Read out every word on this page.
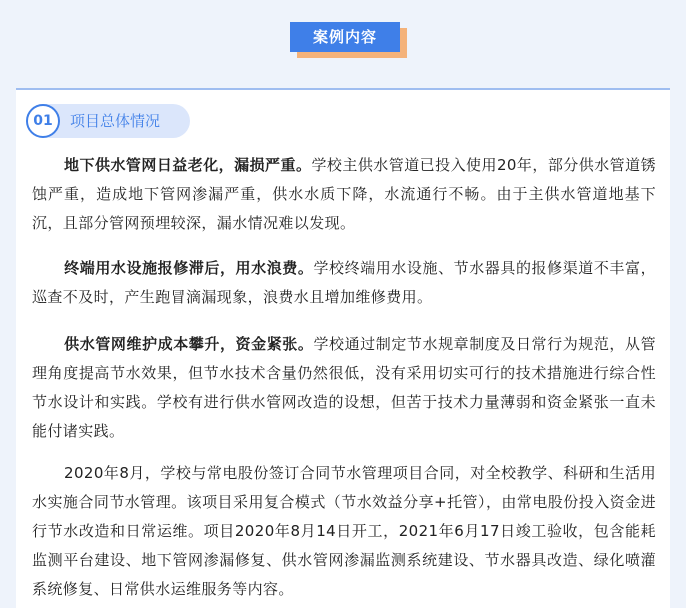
案例内容
01	项目总体情况
地下供水管网日益老化，漏损严重。学校主供水管道已投入使用20年，部分供水管道锈蚀严重，造成地下管网渗漏严重，供水水质下降，水流通行不畅。由于主供水管道地基下沉，且部分管网预埋较深，漏水情况难以发现。
终端用水设施报修滞后，用水浪费。学校终端用水设施、节水器具的报修渠道不丰富，巡查不及时，产生跑冒滴漏现象，浪费水且增加维修费用。
供水管网维护成本攀升，资金紧张。学校通过制定节水规章制度及日常行为规范，从管理角度提高节水效果，但节水技术含量仍然很低，没有采用切实可行的技术措施进行综合性节水设计和实践。学校有进行供水管网改造的设想，但苦于技术力量薄弱和资金紧张一直未能付诸实践。
2020年8月，学校与常电股份签订合同节水管理项目合同，对全校教学、科研和生活用水实施合同节水管理。该项目采用复合模式（节水效益分享+托管），由常电股份投入资金进行节水改造和日常运维。项目2020年8月14日开工，2021年6月17日竣工验收，包含能耗监测平台建设、地下管网渗漏修复、供水管网渗漏监测系统建设、节水器具改造、绿化喷灌系统修复、日常供水运维服务等内容。
